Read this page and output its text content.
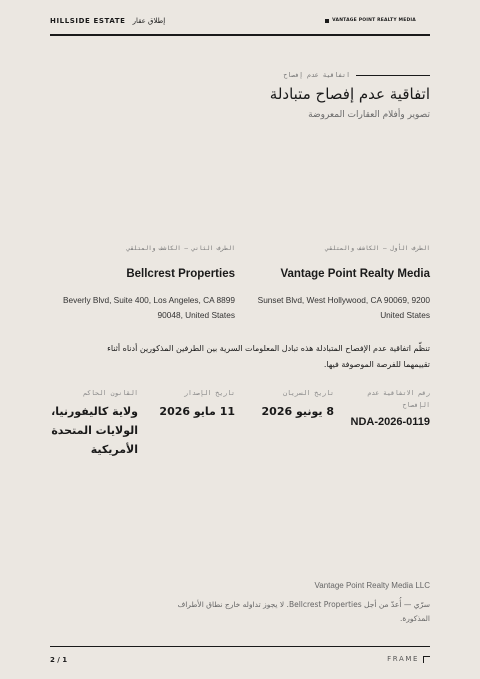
HILLSIDE ESTATE إطلاق عقار	VANTAGE POINT REALTY MEDIA
اتفاقية عدم إفصاح
اتفاقية عدم إفصاح متبادلة
تصوير وأفلام العقارات المعروضة
الطرف الأول — الكاشف والمتلقي
Vantage Point Realty Media
Sunset Blvd, West Hollywood, CA 90069, 9200 United States
الطرف الثاني — الكاشف والمتلقي
Bellcrest Properties
Beverly Blvd, Suite 400, Los Angeles, CA 8899 90048, United States
تنظّم اتفاقية عدم الإفصاح المتبادلة هذه تبادل المعلومات السرية بين الطرفين المذكورين أدناه أثناء تقييمهما للفرصة الموصوفة فيها.
رقم الاتفاقية عدم الإفصاح
NDA-2026-0119
تاريخ السريان
8 يونيو 2026
تاريخ الإصدار
11 مايو 2026
القانون الحاكم
ولاية كاليفورنيا، الولايات المتحدة الأمريكية
Vantage Point Realty Media LLC
سرّي — أُعدّ من أجل Bellcrest Properties. لا يجوز تداوله خارج نطاق الأطراف المذكورة.
2 / 1	FRAME
